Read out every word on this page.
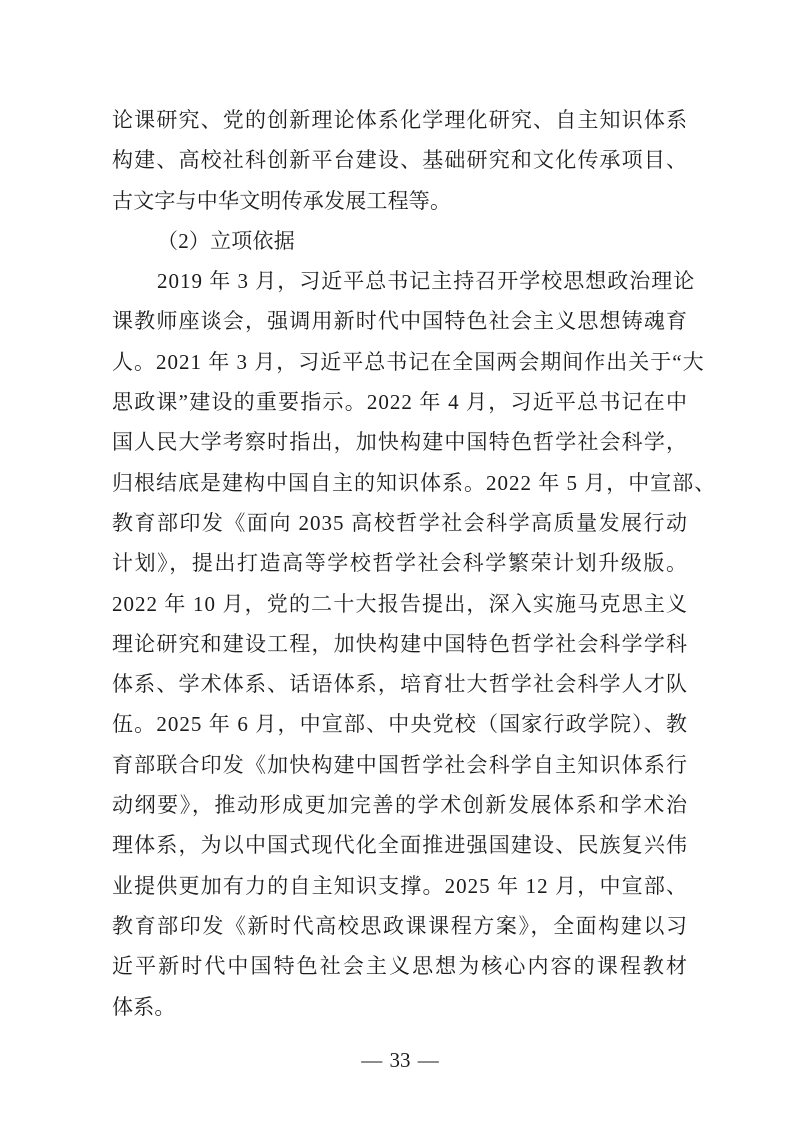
论课研究、党的创新理论体系化学理化研究、自主知识体系
构建、高校社科创新平台建设、基础研究和文化传承项目、
古文字与中华文明传承发展工程等。
（2）立项依据
2019 年 3 月，习近平总书记主持召开学校思想政治理论
课教师座谈会，强调用新时代中国特色社会主义思想铸魂育
人。2021 年 3 月，习近平总书记在全国两会期间作出关于“大
思政课”建设的重要指示。2022 年 4 月，习近平总书记在中
国人民大学考察时指出，加快构建中国特色哲学社会科学，
归根结底是建构中国自主的知识体系。2022 年 5 月，中宣部、
教育部印发《面向 2035 高校哲学社会科学高质量发展行动
计划》，提出打造高等学校哲学社会科学繁荣计划升级版。
2022 年 10 月，党的二十大报告提出，深入实施马克思主义
理论研究和建设工程，加快构建中国特色哲学社会科学学科
体系、学术体系、话语体系，培育壮大哲学社会科学人才队
伍。2025 年 6 月，中宣部、中央党校（国家行政学院）、教
育部联合印发《加快构建中国哲学社会科学自主知识体系行
动纲要》，推动形成更加完善的学术创新发展体系和学术治
理体系，为以中国式现代化全面推进强国建设、民族复兴伟
业提供更加有力的自主知识支撑。2025 年 12 月，中宣部、
教育部印发《新时代高校思政课课程方案》，全面构建以习
近平新时代中国特色社会主义思想为核心内容的课程教材
体系。
— 33 —
